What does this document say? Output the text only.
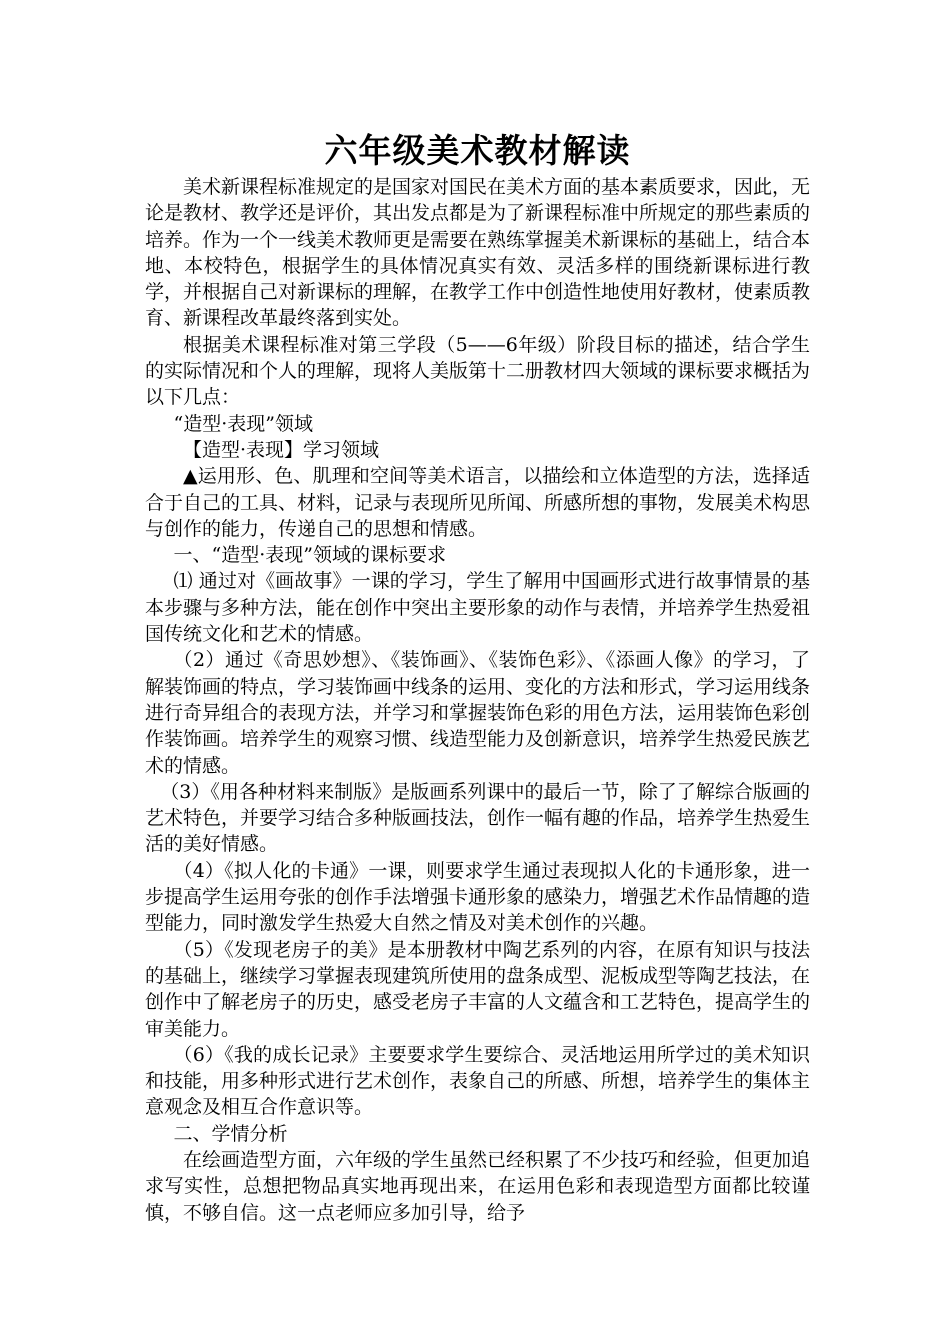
六年级美术教材解读

美术新课程标准规定的是国家对国民在美术方面的基本素质要求，因此，无论是教材、教学还是评价，其出发点都是为了新课程标准中所规定的那些素质的培养。作为一个一线美术教师更是需要在熟练掌握美术新课标的基础上，结合本地、本校特色，根据学生的具体情况真实有效、灵活多样的围绕新课标进行教学，并根据自己对新课标的理解，在教学工作中创造性地使用好教材，使素质教育、新课程改革最终落到实处。

根据美术课程标准对第三学段（5——6年级）阶段目标的描述，结合学生的实际情况和个人的理解，现将人美版第十二册教材四大领域的课标要求概括为以下几点：

“造型·表现”领域

【造型·表现】学习领域

▲运用形、色、肌理和空间等美术语言，以描绘和立体造型的方法，选择适合于自己的工具、材料，记录与表现所见所闻、所感所想的事物，发展美术构思与创作的能力，传递自己的思想和情感。

一、“造型·表现”领域的课标要求

⑴ 通过对《画故事》一课的学习，学生了解用中国画形式进行故事情景的基本步骤与多种方法，能在创作中突出主要形象的动作与表情，并培养学生热爱祖国传统文化和艺术的情感。

（2）通过《奇思妙想》、《装饰画》、《装饰色彩》、《添画人像》的学习，了解装饰画的特点，学习装饰画中线条的运用、变化的方法和形式，学习运用线条进行奇异组合的表现方法，并学习和掌握装饰色彩的用色方法，运用装饰色彩创作装饰画。培养学生的观察习惯、线造型能力及创新意识，培养学生热爱民族艺术的情感。

（3）《用各种材料来制版》是版画系列课中的最后一节，除了了解综合版画的艺术特色，并要学习结合多种版画技法，创作一幅有趣的作品，培养学生热爱生活的美好情感。

（4）《拟人化的卡通》一课，则要求学生通过表现拟人化的卡通形象，进一步提高学生运用夸张的创作手法增强卡通形象的感染力，增强艺术作品情趣的造型能力，同时激发学生热爱大自然之情及对美术创作的兴趣。

（5）《发现老房子的美》是本册教材中陶艺系列的内容，在原有知识与技法的基础上，继续学习掌握表现建筑所使用的盘条成型、泥板成型等陶艺技法，在创作中了解老房子的历史，感受老房子丰富的人文蕴含和工艺特色，提高学生的审美能力。

（6）《我的成长记录》主要要求学生要综合、灵活地运用所学过的美术知识和技能，用多种形式进行艺术创作，表象自己的所感、所想，培养学生的集体主意观念及相互合作意识等。

二、学情分析

在绘画造型方面，六年级的学生虽然已经积累了不少技巧和经验，但更加追求写实性，总想把物品真实地再现出来，在运用色彩和表现造型方面都比较谨慎，不够自信。这一点老师应多加引导，给予
